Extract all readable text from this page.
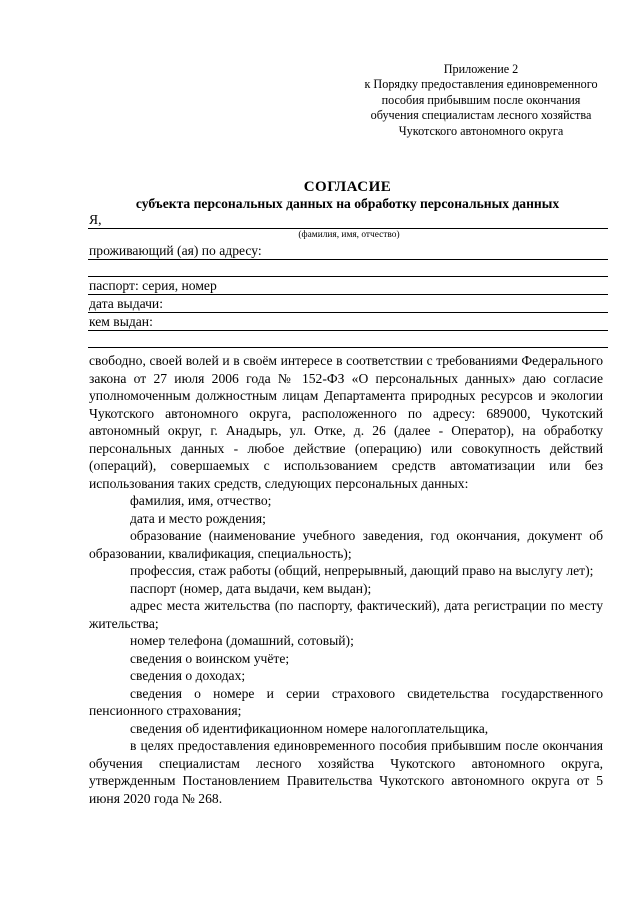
Приложение 2
к Порядку предоставления единовременного
пособия прибывшим после окончания
обучения специалистам лесного хозяйства
Чукотского автономного округа
СОГЛАСИЕ
субъекта персональных данных на обработку персональных данных
Я,
(фамилия, имя, отчество)
проживающий (ая) по адресу:
паспорт: серия, номер
дата выдачи:
кем выдан:
свободно, своей волей и в своём интересе в соответствии с требованиями Федерального закона от 27 июля 2006 года № 152-ФЗ «О персональных данных» даю согласие уполномоченным должностным лицам Департамента природных ресурсов и экологии Чукотского автономного округа, расположенного по адресу: 689000, Чукотский автономный округ, г. Анадырь, ул. Отке, д. 26 (далее - Оператор), на обработку персональных данных - любое действие (операцию) или совокупность действий (операций), совершаемых с использованием средств автоматизации или без использования таких средств, следующих персональных данных:
фамилия, имя, отчество;
дата и место рождения;
образование (наименование учебного заведения, год окончания, документ об образовании, квалификация, специальность);
профессия, стаж работы (общий, непрерывный, дающий право на выслугу лет);
паспорт (номер, дата выдачи, кем выдан);
адрес места жительства (по паспорту, фактический), дата регистрации по месту жительства;
номер телефона (домашний, сотовый);
сведения о воинском учёте;
сведения о доходах;
сведения о номере и серии страхового свидетельства государственного пенсионного страхования;
сведения об идентификационном номере налогоплательщика,
в целях предоставления единовременного пособия прибывшим после окончания обучения специалистам лесного хозяйства Чукотского автономного округа, утвержденным Постановлением Правительства Чукотского автономного округа от 5 июня 2020 года № 268.
